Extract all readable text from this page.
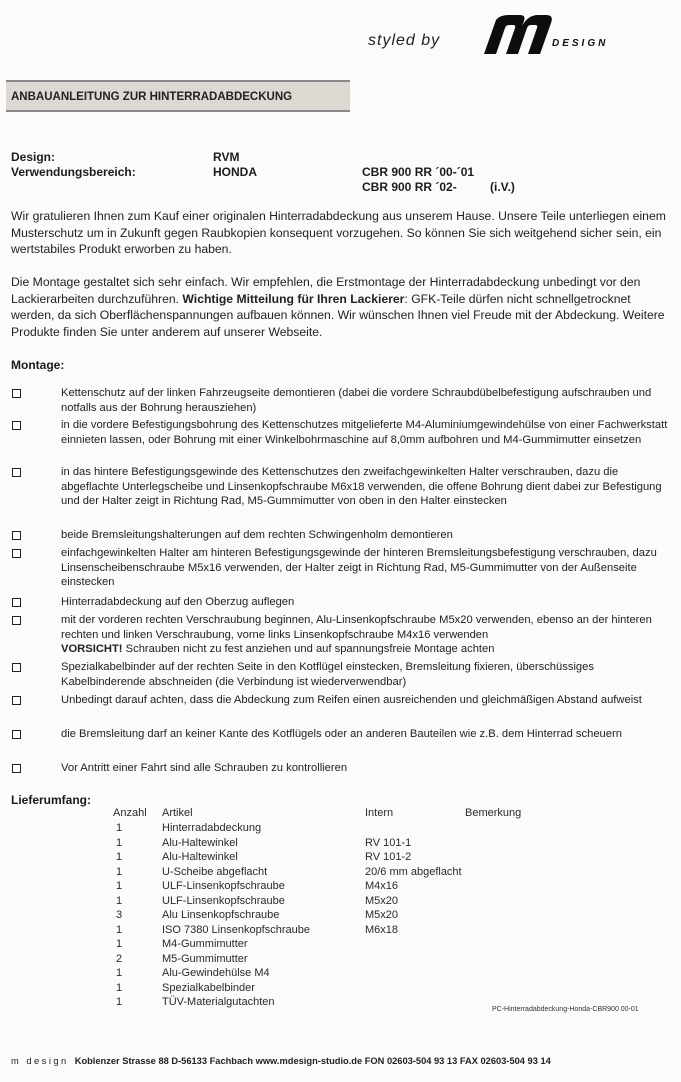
styled by	DESIGN
ANBAUANLEITUNG ZUR HINTERRADABDECKUNG
Design:	RVM
Verwendungsbereich:	HONDA	CBR 900 RR ´00-´01
CBR 900 RR ´02-	(i.V.)
Wir gratulieren Ihnen zum Kauf einer originalen Hinterradabdeckung aus unserem Hause. Unsere Teile unterliegen einem Musterschutz um in Zukunft gegen Raubkopien konsequent vorzugehen. So können Sie sich weitgehend sicher sein, ein wertstabiles Produkt erworben zu haben.
Die Montage gestaltet sich sehr einfach. Wir empfehlen, die Erstmontage der Hinterradabdeckung unbedingt vor den Lackierarbeiten durchzuführen. Wichtige Mitteilung für Ihren Lackierer: GFK-Teile dürfen nicht schnellgetrocknet werden, da sich Oberflächenspannungen aufbauen können. Wir wünschen Ihnen viel Freude mit der Abdeckung. Weitere Produkte finden Sie unter anderem auf unserer Webseite.
Montage:
Kettenschutz auf der linken Fahrzeugseite demontieren (dabei die vordere Schraubdübelbefestigung aufschrauben und notfalls aus der Bohrung herausziehen)
in die vordere Befestigungsbohrung des Kettenschutzes mitgelieferte M4-Aluminiumgewindehülse von einer Fachwerkstatt einnieten lassen, oder Bohrung mit einer Winkelbohrmaschine auf 8,0mm aufbohren und M4-Gummimutter einsetzen
in das hintere Befestigungsgewinde des Kettenschutzes den zweifachgewinkelten Halter verschrauben, dazu die abgeflachte Unterlegscheibe und Linsenkopfschraube M6x18 verwenden, die offene Bohrung dient dabei zur Befestigung und der Halter zeigt in Richtung Rad, M5-Gummimutter von oben in den Halter einstecken
beide Bremsleitungshalterungen auf dem rechten Schwingenholm demontieren
einfachgewinkelten Halter am hinteren Befestigungsgewinde der hinteren Bremsleitungsbefestigung verschrauben, dazu Linsenscheibenschraube M5x16 verwenden, der Halter zeigt in Richtung Rad, M5-Gummimutter von der Außenseite einstecken
Hinterradabdeckung auf den Oberzug auflegen
mit der vorderen rechten Verschraubung beginnen, Alu-Linsenkopfschraube M5x20 verwenden, ebenso an der hinteren rechten und linken Verschraubung, vorne links Linsenkopfschraube M4x16 verwenden
VORSICHT! Schrauben nicht zu fest anziehen und auf spannungsfreie Montage achten
Spezialkabelbinder auf der rechten Seite in den Kotflügel einstecken, Bremsleitung fixieren, überschüssiges Kabelbinderende abschneiden (die Verbindung ist wiederverwendbar)
Unbedingt darauf achten, dass die Abdeckung zum Reifen einen ausreichenden und gleichmäßigen Abstand aufweist
die Bremsleitung darf an keiner Kante des Kotflügels oder an anderen Bauteilen wie z.B. dem Hinterrad scheuern
Vor Antritt einer Fahrt sind alle Schrauben zu kontrollieren
Lieferumfang:
Anzahl Artikel	Intern	Bemerkung
1	Hinterradabdeckung
1	Alu-Haltewinkel	RV 101-1
1	Alu-Haltewinkel	RV 101-2
1	U-Scheibe abgeflacht	20/6 mm abgeflacht
1	ULF-Linsenkopfschraube	M4x16
1	ULF-Linsenkopfschraube	M5x20
3	Alu Linsenkopfschraube	M5x20
1	ISO 7380 Linsenkopfschraube	M6x18
1	M4-Gummimutter
2	M5-Gummimutter
1	Alu-Gewindehülse M4
1	Spezialkabelbinder
1	TÜV-Materialgutachten
PC-Hinterradabdeckung-Honda-CBR900 00-01
m design Koblenzer Strasse 88 D-56133 Fachbach www.mdesign-studio.de FON 02603-504 93 13 FAX 02603-504 93 14
